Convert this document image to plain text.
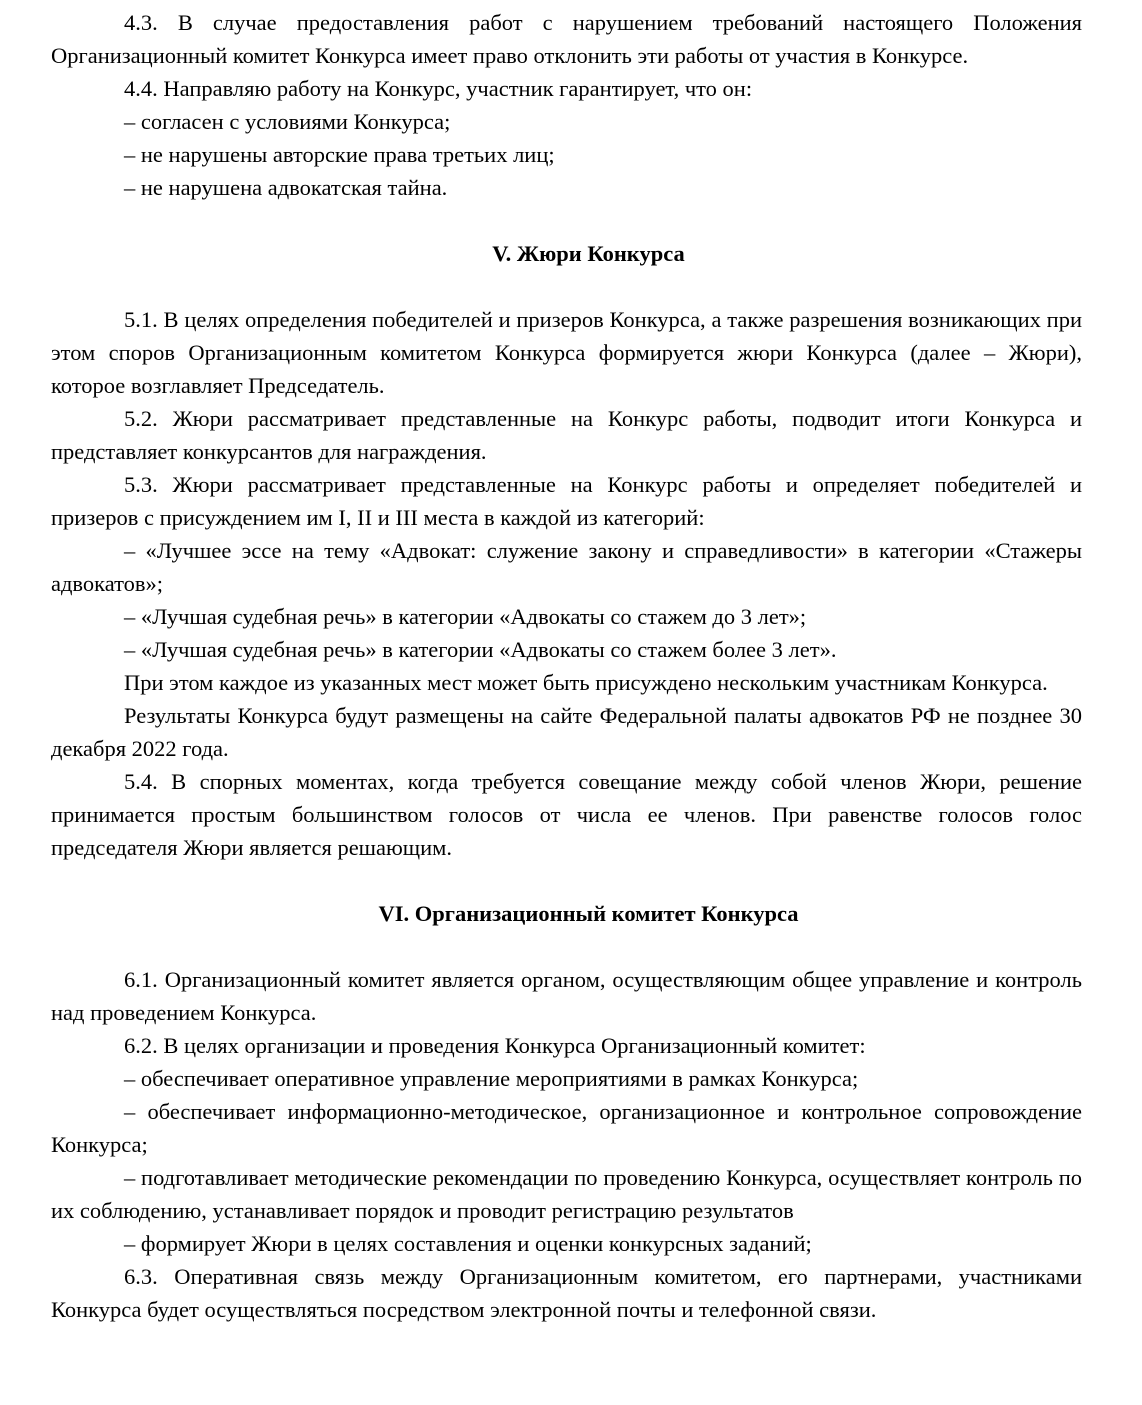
4.3. В случае предоставления работ с нарушением требований настоящего Положения Организационный комитет Конкурса имеет право отклонить эти работы от участия в Конкурсе.

4.4. Направляю работу на Конкурс, участник гарантирует, что он:

– согласен с условиями Конкурса;

– не нарушены авторские права третьих лиц;

– не нарушена адвокатская тайна.

V. Жюри Конкурса

5.1. В целях определения победителей и призеров Конкурса, а также разрешения возникающих при этом споров Организационным комитетом Конкурса формируется жюри Конкурса (далее – Жюри), которое возглавляет Председатель.

5.2. Жюри рассматривает представленные на Конкурс работы, подводит итоги Конкурса и представляет конкурсантов для награждения.

5.3. Жюри рассматривает представленные на Конкурс работы и определяет победителей и призеров с присуждением им I, II и III места в каждой из категорий:

– «Лучшее эссе на тему «Адвокат: служение закону и справедливости» в категории «Стажеры адвокатов»;

– «Лучшая судебная речь» в категории «Адвокаты со стажем до 3 лет»;

– «Лучшая судебная речь» в категории «Адвокаты со стажем более 3 лет».

При этом каждое из указанных мест может быть присуждено нескольким участникам Конкурса.

Результаты Конкурса будут размещены на сайте Федеральной палаты адвокатов РФ не позднее 30 декабря 2022 года.

5.4. В спорных моментах, когда требуется совещание между собой членов Жюри, решение принимается простым большинством голосов от числа ее членов. При равенстве голосов голос председателя Жюри является решающим.

VI. Организационный комитет Конкурса

6.1. Организационный комитет является органом, осуществляющим общее управление и контроль над проведением Конкурса.

6.2. В целях организации и проведения Конкурса Организационный комитет:

– обеспечивает оперативное управление мероприятиями в рамках Конкурса;

– обеспечивает информационно-методическое, организационное и контрольное сопровождение Конкурса;

– подготавливает методические рекомендации по проведению Конкурса, осуществляет контроль по их соблюдению, устанавливает порядок и проводит регистрацию результатов

– формирует Жюри в целях составления и оценки конкурсных заданий;

6.3. Оперативная связь между Организационным комитетом, его партнерами, участниками Конкурса будет осуществляться посредством электронной почты и телефонной связи.
